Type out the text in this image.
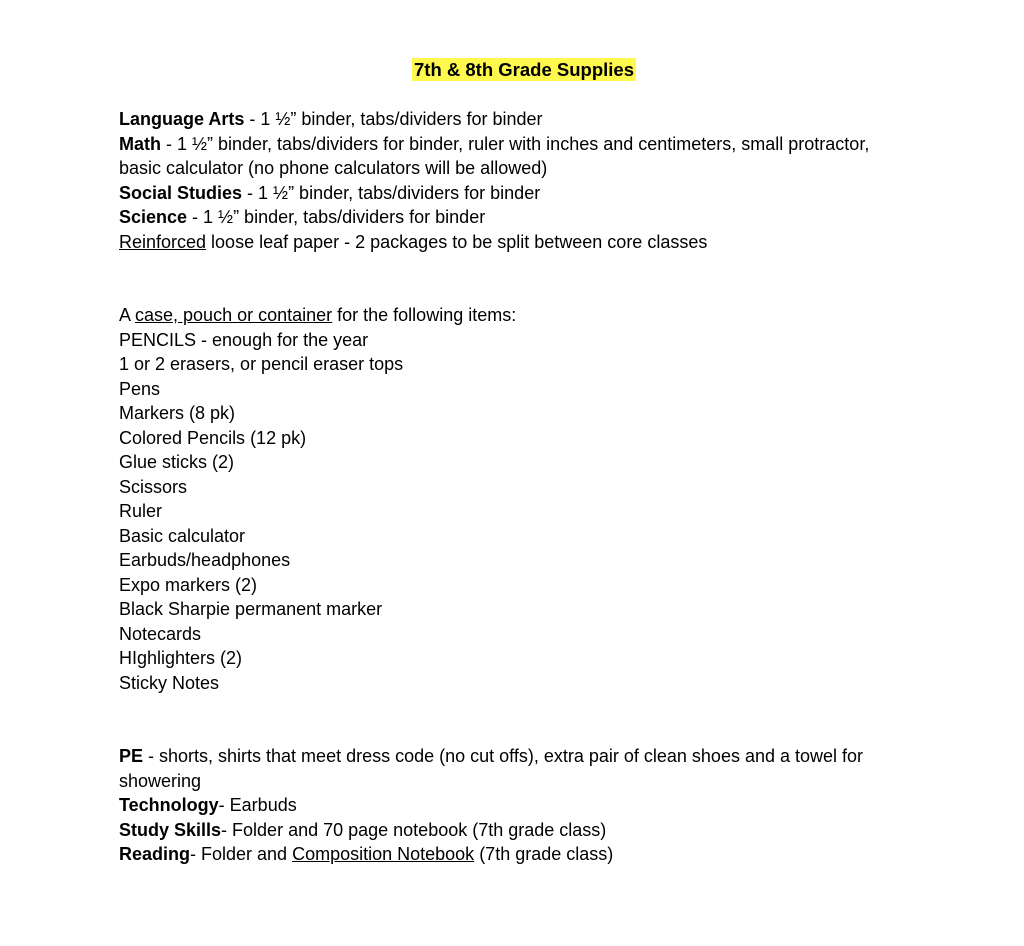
7th & 8th Grade Supplies
Language Arts - 1 ½” binder, tabs/dividers for binder
Math - 1 ½” binder, tabs/dividers for binder, ruler with inches and centimeters, small protractor, basic calculator (no phone calculators will be allowed)
Social Studies - 1 ½” binder, tabs/dividers for binder
Science - 1 ½” binder, tabs/dividers for binder
Reinforced loose leaf paper - 2 packages to be split between core classes
A case, pouch or container for the following items:
PENCILS - enough for the year
1 or 2 erasers, or pencil eraser tops
Pens
Markers (8 pk)
Colored Pencils (12 pk)
Glue sticks (2)
Scissors
Ruler
Basic calculator
Earbuds/headphones
Expo markers (2)
Black Sharpie permanent marker
Notecards
HIghlighters (2)
Sticky Notes
PE - shorts, shirts that meet dress code (no cut offs), extra pair of clean shoes and a towel for showering
Technology- Earbuds
Study Skills- Folder and 70 page notebook (7th grade class)
Reading- Folder and Composition Notebook (7th grade class)
